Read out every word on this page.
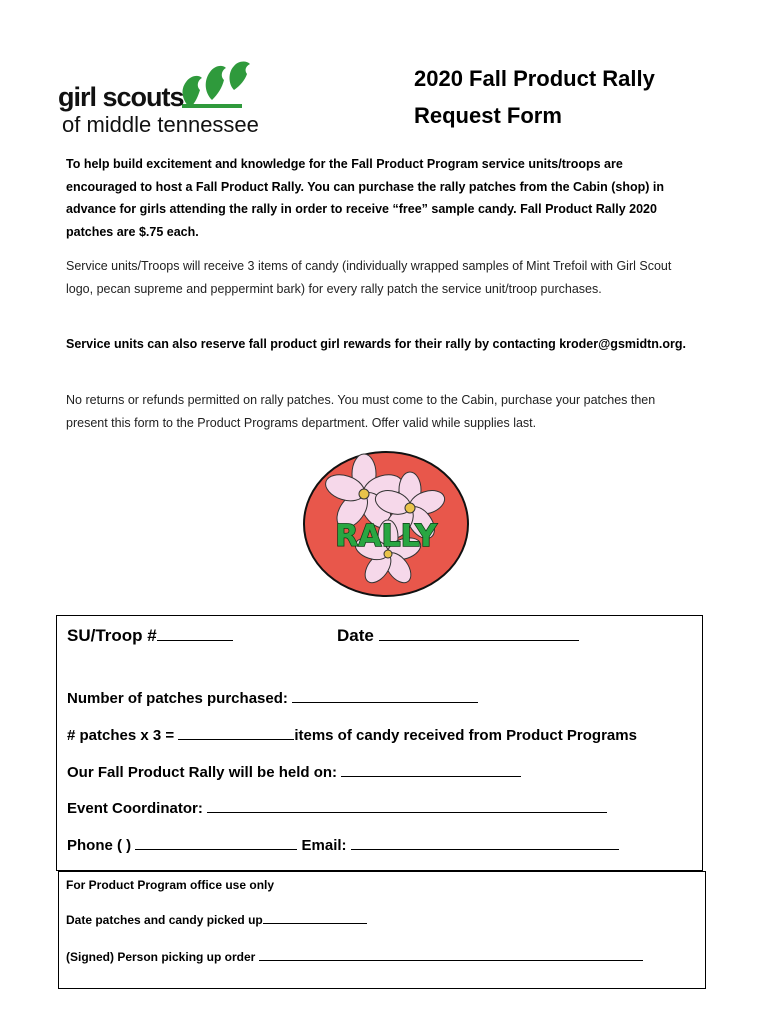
girl scouts
of middle tennessee
2020 Fall Product Rally
Request Form
To help build excitement and knowledge for the Fall Product Program service units/troops are encouraged to host a Fall Product Rally. You can purchase the rally patches from the Cabin (shop) in advance for girls attending the rally in order to receive “free” sample candy. Fall Product Rally 2020 patches are $.75 each.
Service units/Troops will receive 3 items of candy (individually wrapped samples of Mint Trefoil with Girl Scout logo, pecan supreme and peppermint bark) for every rally patch the service unit/troop purchases.
Service units can also reserve fall product girl rewards for their rally by contacting kroder@gsmidtn.org.
No returns or refunds permitted on rally patches. You must come to the Cabin, purchase your patches then present this form to the Product Programs department. Offer valid while supplies last.
RALLY
SU/Troop #	Date
Number of patches purchased:
# patches x 3 =	items of candy received from Product Programs
Our Fall Product Rally will be held on:
Event Coordinator:
Phone ( )	Email:
For Product Program office use only
Date patches and candy picked up
(Signed) Person picking up order
